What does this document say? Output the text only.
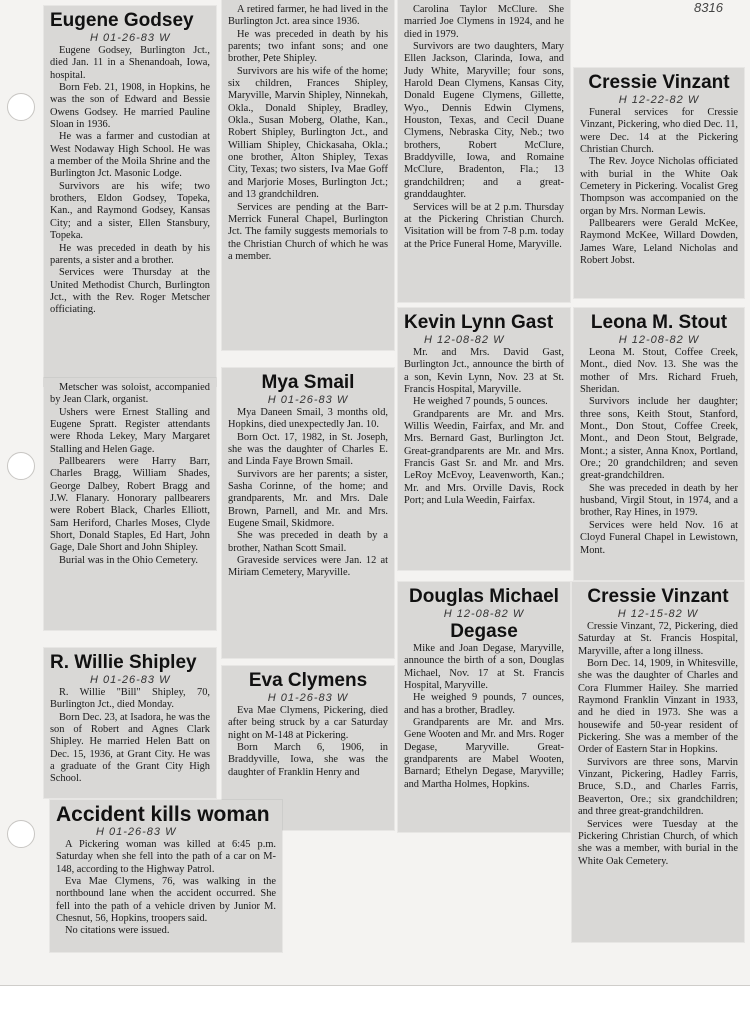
8316
Eugene Godsey
H 01-26-83 W

Eugene Godsey, Burlington Jct., died Jan. 11 in a Shenandoah, Iowa, hospital.

Born Feb. 21, 1908, in Hopkins, he was the son of Edward and Bessie Owens Godsey. He married Pauline Sloan in 1936.

He was a farmer and custodian at West Nodaway High School. He was a member of the Moila Shrine and the Burlington Jct. Masonic Lodge.

Survivors are his wife; two brothers, Eldon Godsey, Topeka, Kan., and Raymond Godsey, Kansas City; and a sister, Ellen Stansbury, Topeka.

He was preceded in death by his parents, a sister and a brother.

Services were Thursday at the United Methodist Church, Burlington Jct., with the Rev. Roger Metscher officiating.

Metscher was soloist, accompanied by Jean Clark, organist.

Ushers were Ernest Stalling and Eugene Spratt. Register attendants were Rhoda Lekey, Mary Margaret Stalling and Helen Gage.

Pallbearers were Harry Barr, Charles Bragg, William Shades, George Dalbey, Robert Bragg and J.W. Flanary. Honorary pallbearers were Robert Black, Charles Elliott, Sam Heriford, Charles Moses, Clyde Short, Donald Staples, Ed Hart, John Gage, Dale Short and John Shipley.

Burial was in the Ohio Cemetery.

R. Willie Shipley
H 01-26-83 W

R. Willie "Bill" Shipley, 70, Burlington Jct., died Monday.

Born Dec. 23, at Isadora, he was the son of Robert and Agnes Clark Shipley. He married Helen Batt on Dec. 15, 1936, at Grant City. He was a graduate of the Grant City High School.

A retired farmer, he had lived in the Burlington Jct. area since 1936.

He was preceded in death by his parents; two infant sons; and one brother, Pete Shipley.

Survivors are his wife of the home; six children, Frances Shipley, Maryville, Marvin Shipley, Ninnekah, Okla., Donald Shipley, Bradley, Okla., Susan Moberg, Olathe, Kan., Robert Shipley, Burlington Jct., and William Shipley, Chickasaha, Okla.; one brother, Alton Shipley, Texas City, Texas; two sisters, Iva Mae Goff and Marjorie Moses, Burlington Jct.; and 13 grandchildren.

Services are pending at the Barr-Merrick Funeral Chapel, Burlington Jct. The family suggests memorials to the Christian Church of which he was a member.

Mya Smail
H 01-26-83 W

Mya Daneen Smail, 3 months old, Hopkins, died unexpectedly Jan. 10.

Born Oct. 17, 1982, in St. Joseph, she was the daughter of Charles E. and Linda Faye Brown Smail.

Survivors are her parents; a sister, Sasha Corinne, of the home; and grandparents, Mr. and Mrs. Dale Brown, Parnell, and Mr. and Mrs. Eugene Smail, Skidmore.

She was preceded in death by a brother, Nathan Scott Smail.

Graveside services were Jan. 12 at Miriam Cemetery, Maryville.

Eva Clymens
H 01-26-83 W

Eva Mae Clymens, Pickering, died after being struck by a car Saturday night on M-148 at Pickering.

Born March 6, 1906, in Braddyville, Iowa, she was the daughter of Franklin Henry and

Accident kills woman
H 01-26-83 W

A Pickering woman was killed at 6:45 p.m. Saturday when she fell into the path of a car on M-148, according to the Highway Patrol.

Eva Mae Clymens, 76, was walking in the northbound lane when the accident occurred. She fell into the path of a vehicle driven by Junior M. Chesnut, 56, Hopkins, troopers said.

No citations were issued.

Carolina Taylor McClure. She married Joe Clymens in 1924, and he died in 1979.

Survivors are two daughters, Mary Ellen Jackson, Clarinda, Iowa, and Judy White, Maryville; four sons, Harold Dean Clymens, Kansas City, Donald Eugene Clymens, Gillette, Wyo., Dennis Edwin Clymens, Houston, Texas, and Cecil Duane Clymens, Nebraska City, Neb.; two brothers, Robert McClure, Braddyville, Iowa, and Romaine McClure, Bradenton, Fla.; 13 grandchildren; and a great-granddaughter.

Services will be at 2 p.m. Thursday at the Pickering Christian Church. Visitation will be from 7-8 p.m. today at the Price Funeral Home, Maryville.

Kevin Lynn Gast
H 12-08-82 W

Mr. and Mrs. David Gast, Burlington Jct., announce the birth of a son, Kevin Lynn, Nov. 23 at St. Francis Hospital, Maryville.

He weighed 7 pounds, 5 ounces.

Grandparents are Mr. and Mrs. Willis Weedin, Fairfax, and Mr. and Mrs. Bernard Gast, Burlington Jct. Great-grandparents are Mr. and Mrs. Francis Gast Sr. and Mr. and Mrs. LeRoy McEvoy, Leavenworth, Kan.; Mr. and Mrs. Orville Davis, Rock Port; and Lula Weedin, Fairfax.

Douglas Michael
H 12-08-82 W
Degase

Mike and Joan Degase, Maryville, announce the birth of a son, Douglas Michael, Nov. 17 at St. Francis Hospital, Maryville.

He weighed 9 pounds, 7 ounces, and has a brother, Bradley.

Grandparents are Mr. and Mrs. Gene Wooten and Mr. and Mrs. Roger Degase, Maryville. Great-grandparents are Mabel Wooten, Barnard; Ethelyn Degase, Maryville; and Martha Holmes, Hopkins.

Cressie Vinzant
H 12-22-82 W

Funeral services for Cressie Vinzant, Pickering, who died Dec. 11, were Dec. 14 at the Pickering Christian Church.

The Rev. Joyce Nicholas officiated with burial in the White Oak Cemetery in Pickering. Vocalist Greg Thompson was accompanied on the organ by Mrs. Norman Lewis.

Pallbearers were Gerald McKee, Raymond McKee, Willard Dowden, James Ware, Leland Nicholas and Robert Jobst.

Leona M. Stout
H 12-08-82 W

Leona M. Stout, Coffee Creek, Mont., died Nov. 13. She was the mother of Mrs. Richard Frueh, Sheridan.

Survivors include her daughter; three sons, Keith Stout, Stanford, Mont., Don Stout, Coffee Creek, Mont., and Deon Stout, Belgrade, Mont.; a sister, Anna Knox, Portland, Ore.; 20 grandchildren; and seven great-grandchildren.

She was preceded in death by her husband, Virgil Stout, in 1974, and a brother, Ray Hines, in 1979.

Services were held Nov. 16 at Cloyd Funeral Chapel in Lewistown, Mont.

Cressie Vinzant
H 12-15-82 W

Cressie Vinzant, 72, Pickering, died Saturday at St. Francis Hospital, Maryville, after a long illness.

Born Dec. 14, 1909, in Whitesville, she was the daughter of Charles and Cora Flummer Hailey. She married Raymond Franklin Vinzant in 1933, and he died in 1973. She was a housewife and 50-year resident of Pickering. She was a member of the Order of Eastern Star in Hopkins.

Survivors are three sons, Marvin Vinzant, Pickering, Hadley Farris, Bruce, S.D., and Charles Farris, Beaverton, Ore.; six grandchildren; and three great-grandchildren.

Services were Tuesday at the Pickering Christian Church, of which she was a member, with burial in the White Oak Cemetery.
